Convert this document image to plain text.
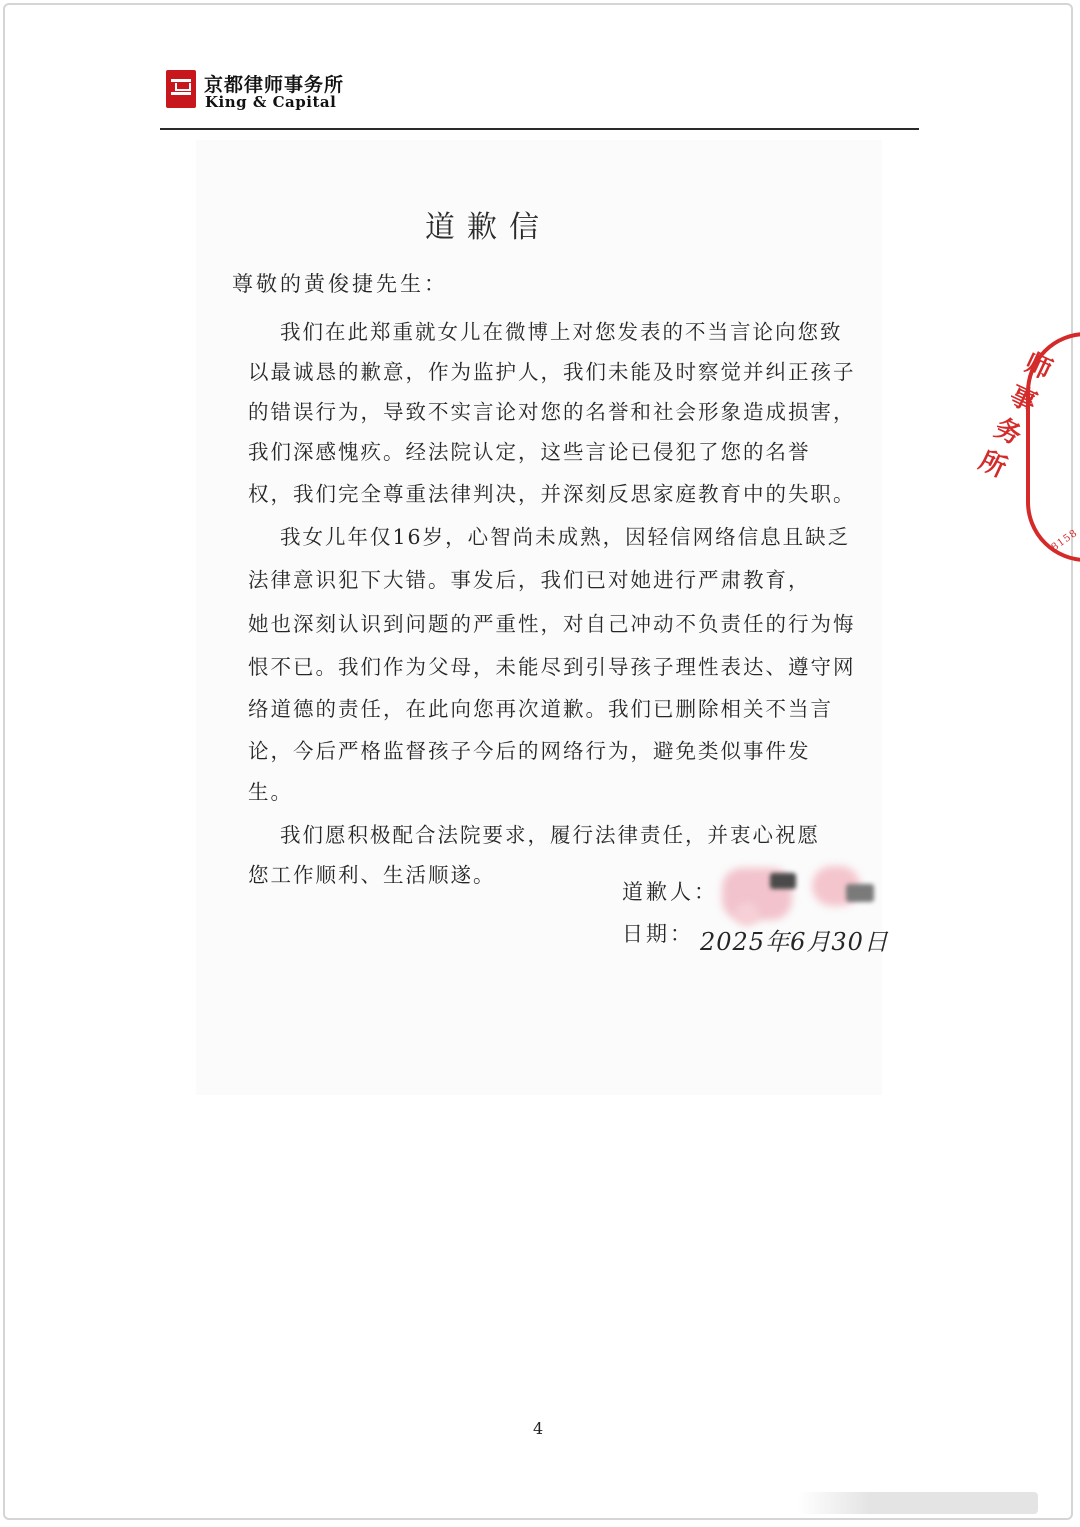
京都律师事务所
King & Capital
道歉信
尊敬的黄俊捷先生：
我们在此郑重就女儿在微博上对您发表的不当言论向您致
以最诚恳的歉意，作为监护人，我们未能及时察觉并纠正孩子
的错误行为，导致不实言论对您的名誉和社会形象造成损害，
我们深感愧疚。经法院认定，这些言论已侵犯了您的名誉
权，我们完全尊重法律判决，并深刻反思家庭教育中的失职。
我女儿年仅16岁，心智尚未成熟，因轻信网络信息且缺乏
法律意识犯下大错。事发后，我们已对她进行严肃教育，
她也深刻认识到问题的严重性，对自己冲动不负责任的行为悔
恨不已。我们作为父母，未能尽到引导孩子理性表达、遵守网
络道德的责任，在此向您再次道歉。我们已删除相关不当言
论，今后严格监督孩子今后的网络行为，避免类似事件发
生。
我们愿积极配合法院要求，履行法律责任，并衷心祝愿
您工作顺利、生活顺遂。
道歉人：
日期： 2025年6月30日
师事务所
8158
4
